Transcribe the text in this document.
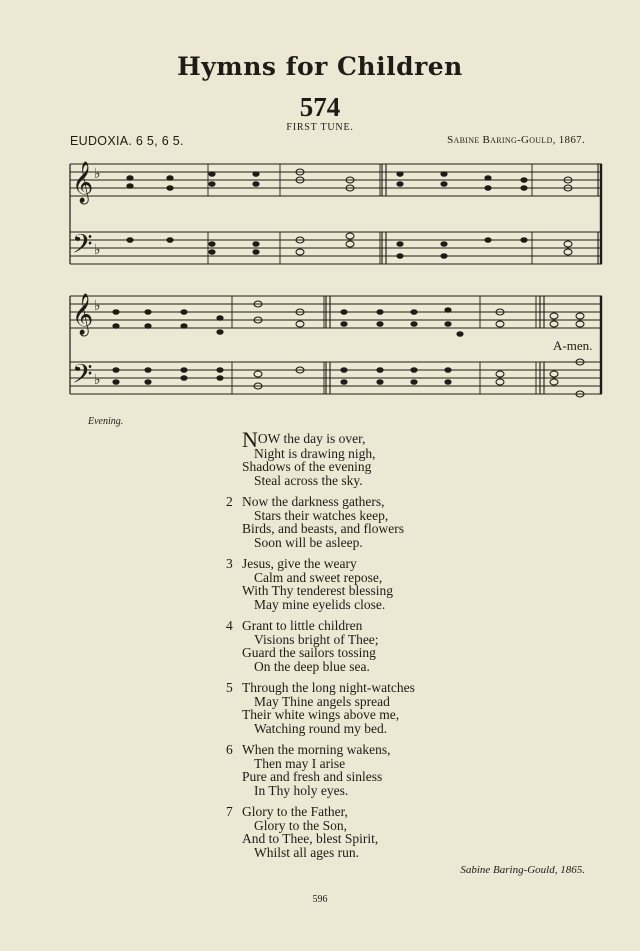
Hymns for Children
574
FIRST TUNE.
EUDOXIA. 6 5, 6 5.	Sabine Baring-Gould, 1867.
𝄞
𝄢
♭
♭
𝄞
𝄢
♭
♭
A-men.
Evening.
NOW the day is over,
Night is drawing nigh,
Shadows of the evening
Steal across the sky.
2 Now the darkness gathers,
Stars their watches keep,
Birds, and beasts, and flowers
Soon will be asleep.
3 Jesus, give the weary
Calm and sweet repose,
With Thy tenderest blessing
May mine eyelids close.
4 Grant to little children
Visions bright of Thee;
Guard the sailors tossing
On the deep blue sea.
5 Through the long night-watches
May Thine angels spread
Their white wings above me,
Watching round my bed.
6 When the morning wakens,
Then may I arise
Pure and fresh and sinless
In Thy holy eyes.
7 Glory to the Father,
Glory to the Son,
And to Thee, blest Spirit,
Whilst all ages run.
Sabine Baring-Gould, 1865.
596
